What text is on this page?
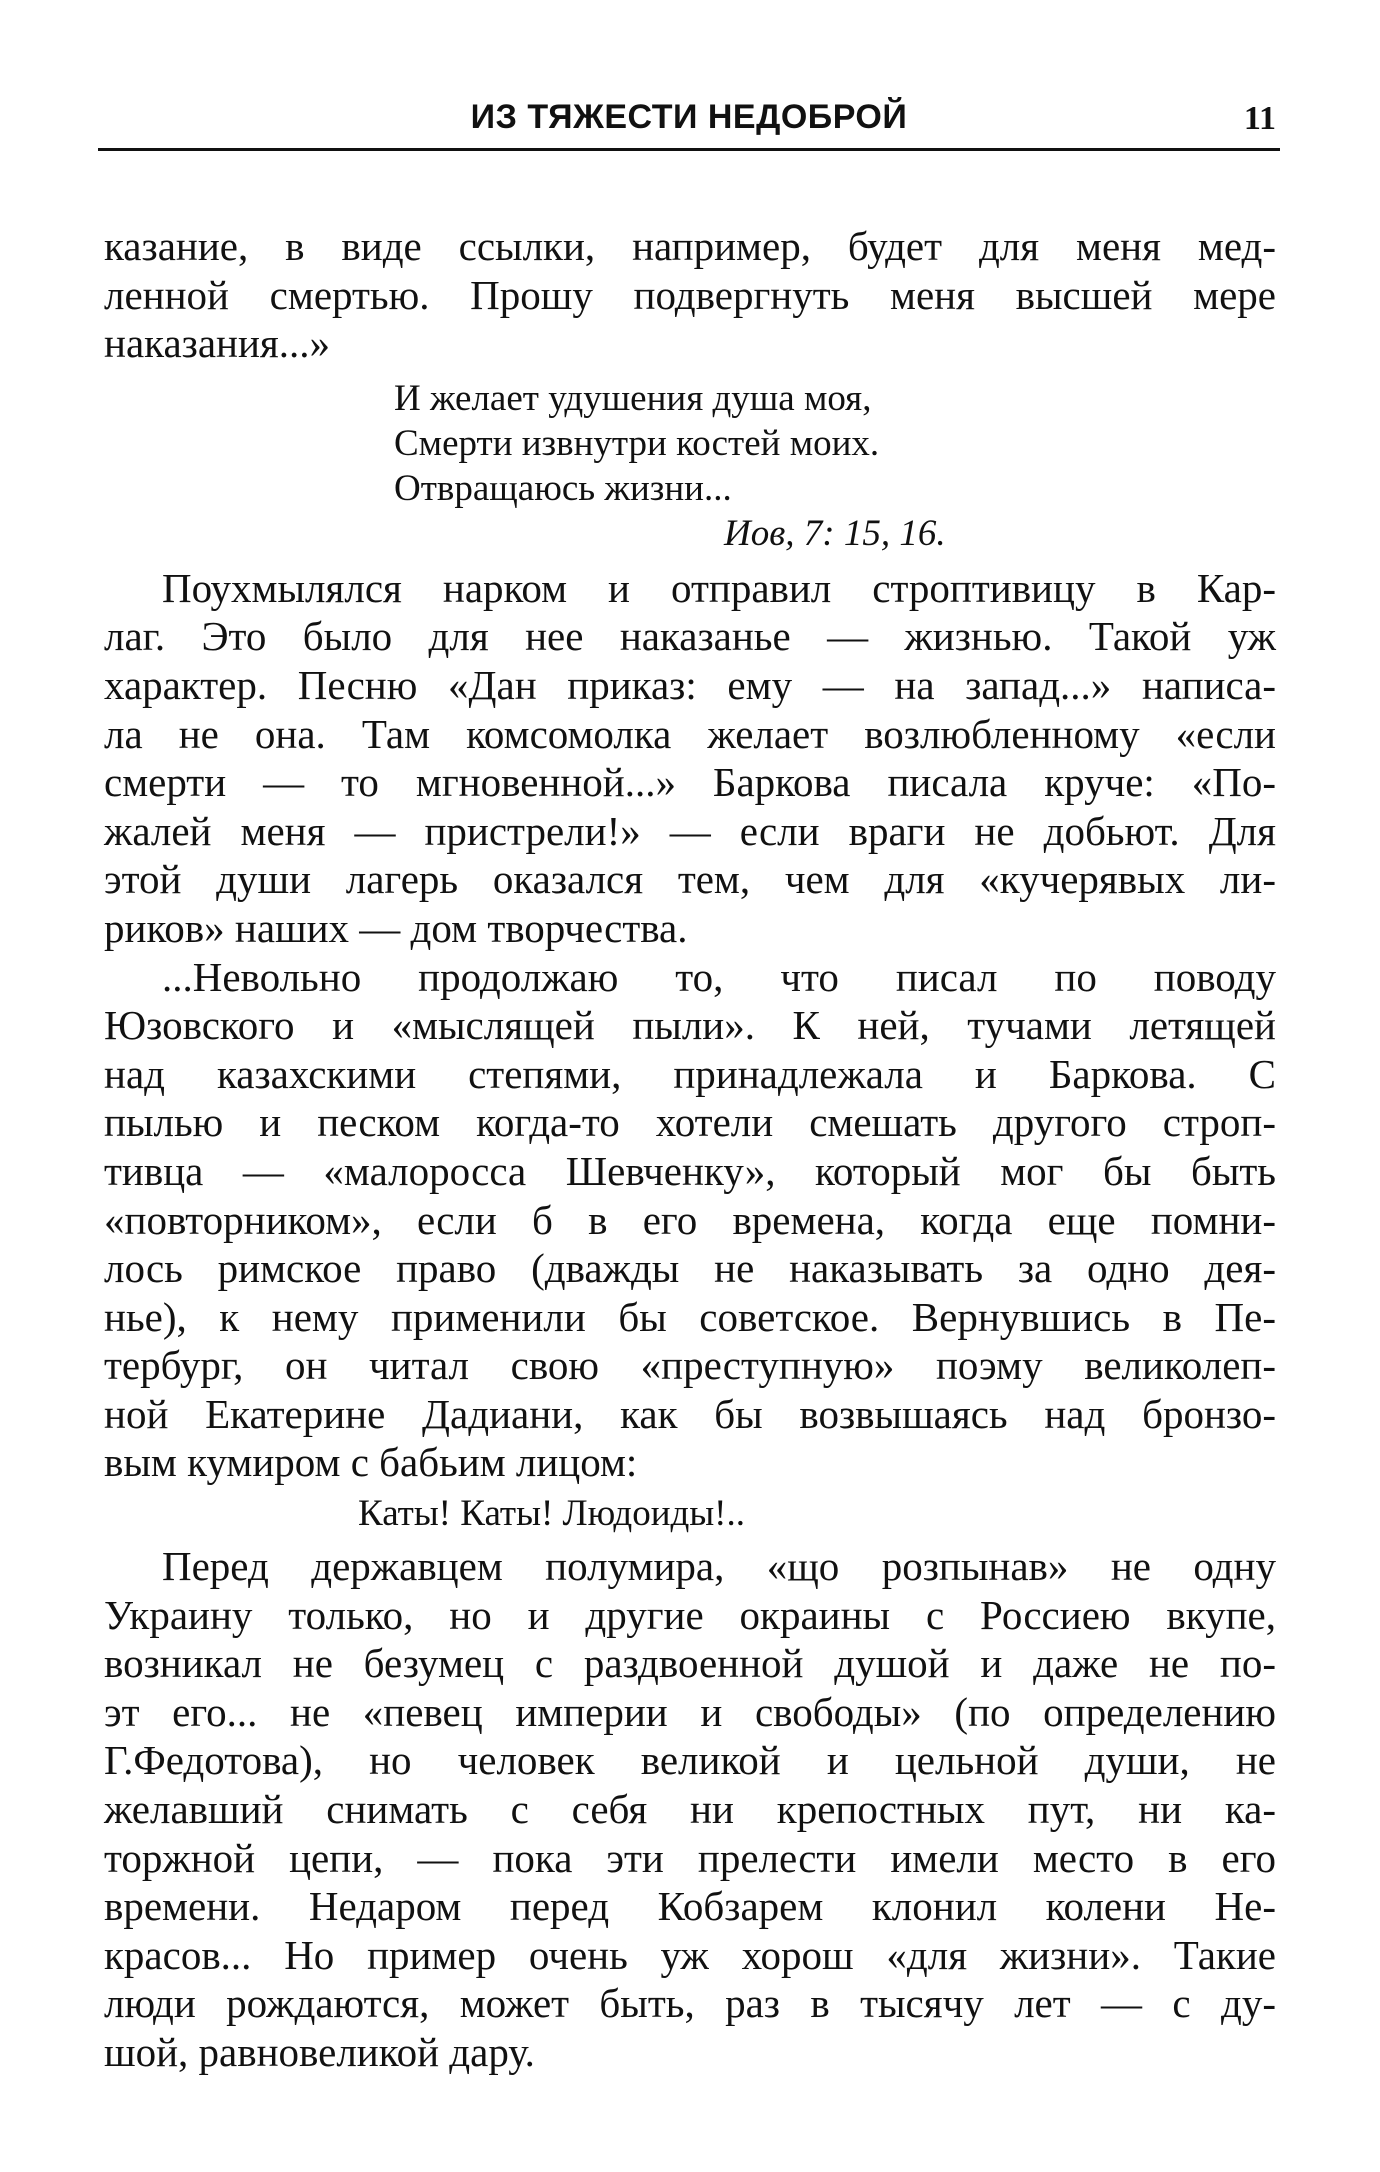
ИЗ ТЯЖЕСТИ НЕДОБРОЙ	11
казание, в виде ссылки, например, будет для меня мед-
ленной смертью. Прошу подвергнуть меня высшей мере
наказания...»
И желает удушения душа моя,
Смерти извнутри костей моих.
Отвращаюсь жизни...
Иов, 7: 15, 16.
Поухмылялся нарком и отправил строптивицу в Кар-
лаг. Это было для нее наказанье — жизнью. Такой уж
характер. Песню «Дан приказ: ему — на запад...» написа-
ла не она. Там комсомолка желает возлюбленному «если
смерти — то мгновенной...» Баркова писала круче: «По-
жалей меня — пристрели!» — если враги не добьют. Для
этой души лагерь оказался тем, чем для «кучерявых ли-
риков» наших — дом творчества.
...Невольно продолжаю то, что писал по поводу
Юзовского и «мыслящей пыли». К ней, тучами летящей
над казахскими степями, принадлежала и Баркова. С
пылью и песком когда-то хотели смешать другого строп-
тивца — «малоросса Шевченку», который мог бы быть
«повторником», если б в его времена, когда еще помни-
лось римское право (дважды не наказывать за одно дея-
нье), к нему применили бы советское. Вернувшись в Пе-
тербург, он читал свою «преступную» поэму великолеп-
ной Екатерине Дадиани, как бы возвышаясь над бронзо-
вым кумиром с бабьим лицом:
Каты! Каты! Людоиды!..
Перед державцем полумира, «що розпынав» не одну
Украину только, но и другие окраины с Россиею вкупе,
возникал не безумец с раздвоенной душой и даже не по-
эт его... не «певец империи и свободы» (по определению
Г.Федотова), но человек великой и цельной души, не
желавший снимать с себя ни крепостных пут, ни ка-
торжной цепи, — пока эти прелести имели место в его
времени. Недаром перед Кобзарем клонил колени Не-
красов... Но пример очень уж хорош «для жизни». Такие
люди рождаются, может быть, раз в тысячу лет — с ду-
шой, равновеликой дару.
